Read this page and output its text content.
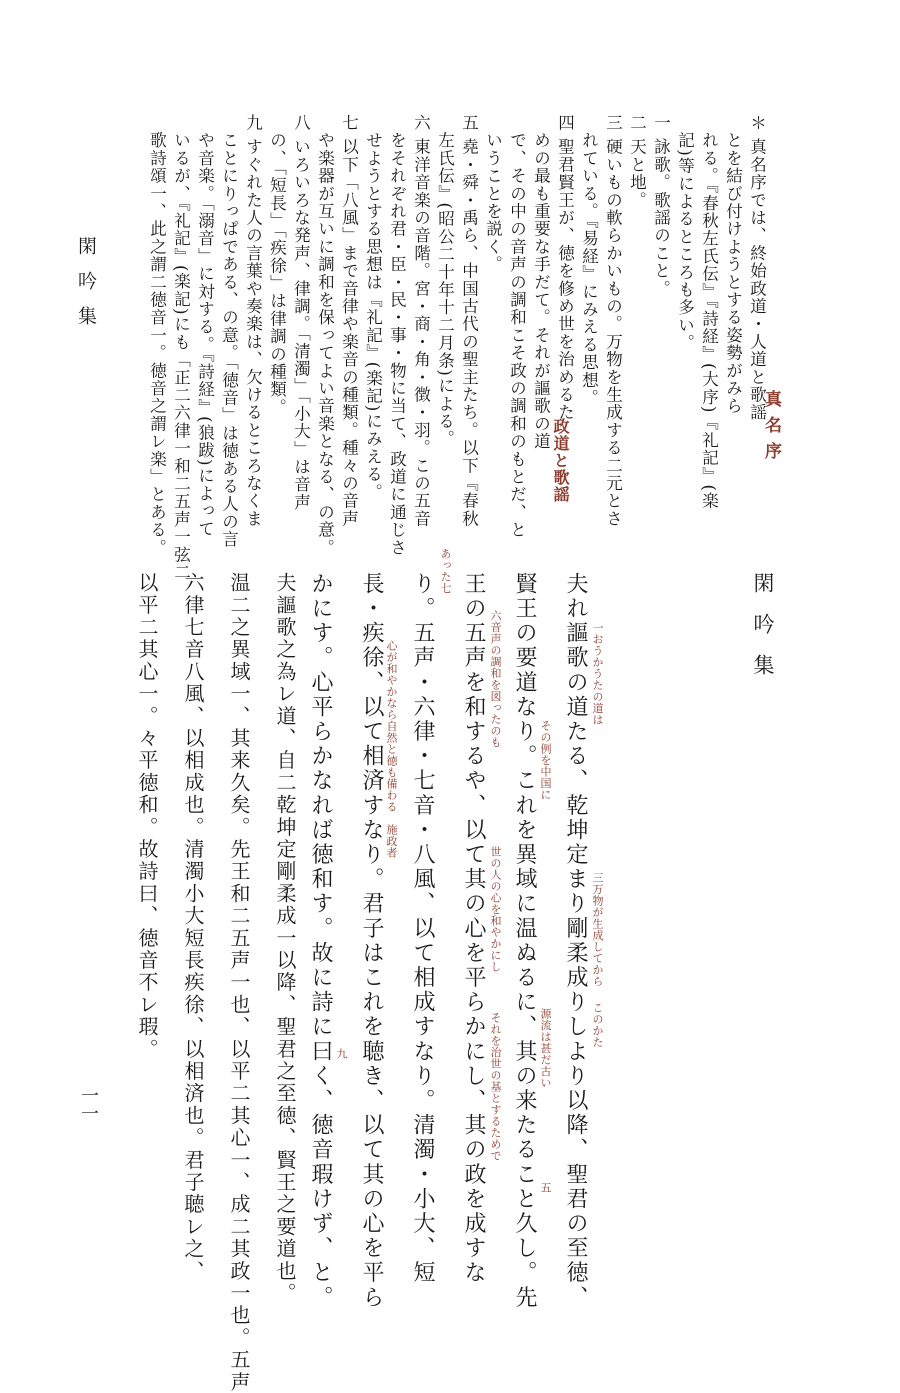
＊ 真名序では、終始政道・人道と歌謡
　とを結び付けようとする姿勢がみら
　れる。『春秋左氏伝』『詩経』(大序)『礼記』(楽
　記)等によるところも多い。
一 詠歌。歌謡のこと。
二 天と地。
三 硬いもの軟らかいもの。万物を生成する二元とさ
　れている。『易経』にみえる思想。
四 聖君賢王が、徳を修め世を治めるた
　めの最も重要な手だて。それが謳歌の道
　で、その中の音声の調和こそ政の調和のもとだ、と
　いうことを説く。
五 堯・舜・禹ら、中国古代の聖主たち。以下『春秋
　左氏伝』(昭公二十年十二月条)による。
六 東洋音楽の音階。宮・商・角・徴・羽。この五音
　をそれぞれ君・臣・民・事・物に当て、政道に通じさ
　せようとする思想は『礼記』(楽記)にみえる。
七 以下「八風」まで音律や楽音の種類。種々の音声
　や楽器が互いに調和を保ってよい音楽となる、の意。
八 いろいろな発声、律調。「清濁」「小大」は音声
　の、「短長」「疾徐」は律調の種類。
九 すぐれた人の言葉や奏楽は、欠けるところなくま
　ことにりっぱである、の意。「徳音」は徳ある人の言
　や音楽。「溺音」に対する。『詩経』(狼跋)によって
　いるが、『礼記』(楽記)にも「正二六律一和二五声一弦二
　歌詩頌一、此之謂二徳音一。徳音之謂レ楽」とある。	真名序
政道と歌謡
閑吟集
夫れ謳歌の道たる、乾坤定まり剛柔成りしより以降、聖君の至徳、
賢王の要道なり。これを異域に温ぬるに、其の来たること久し。先
王の五声を和するや、以て其の心を平らかにし、其の政を成すな
り。五声・六律・七音・八風、以て相成すなり。清濁・小大、短
長・疾徐、以て相済すなり。君子はこれを聴き、以て其の心を平ら
かにす。心平らかなれば徳和す。故に詩に曰く、徳音瑕けず、と。	一おうかうたの道は
三万物が生成してから
このかた
その例を中国に
源流は甚だ古い
五
六音声の調和を図ったのも
世の人の心を和やかにし
それを治世の基とするためで
あった七
心が和やかなら自然と徳も備わる
施政者
九
夫謳歌之為レ道、自二乾坤定剛柔成一以降、聖君之至徳、賢王之要道也。
温二之異域一、其来久矣。先王和二五声一也、以平二其心一、成二其政一也。五声
六律七音八風、以相成也。清濁小大短長疾徐、以相済也。君子聴レ之、
以平二其心一。々平徳和。故詩曰、徳音不レ瑕。
閑吟集
一一
